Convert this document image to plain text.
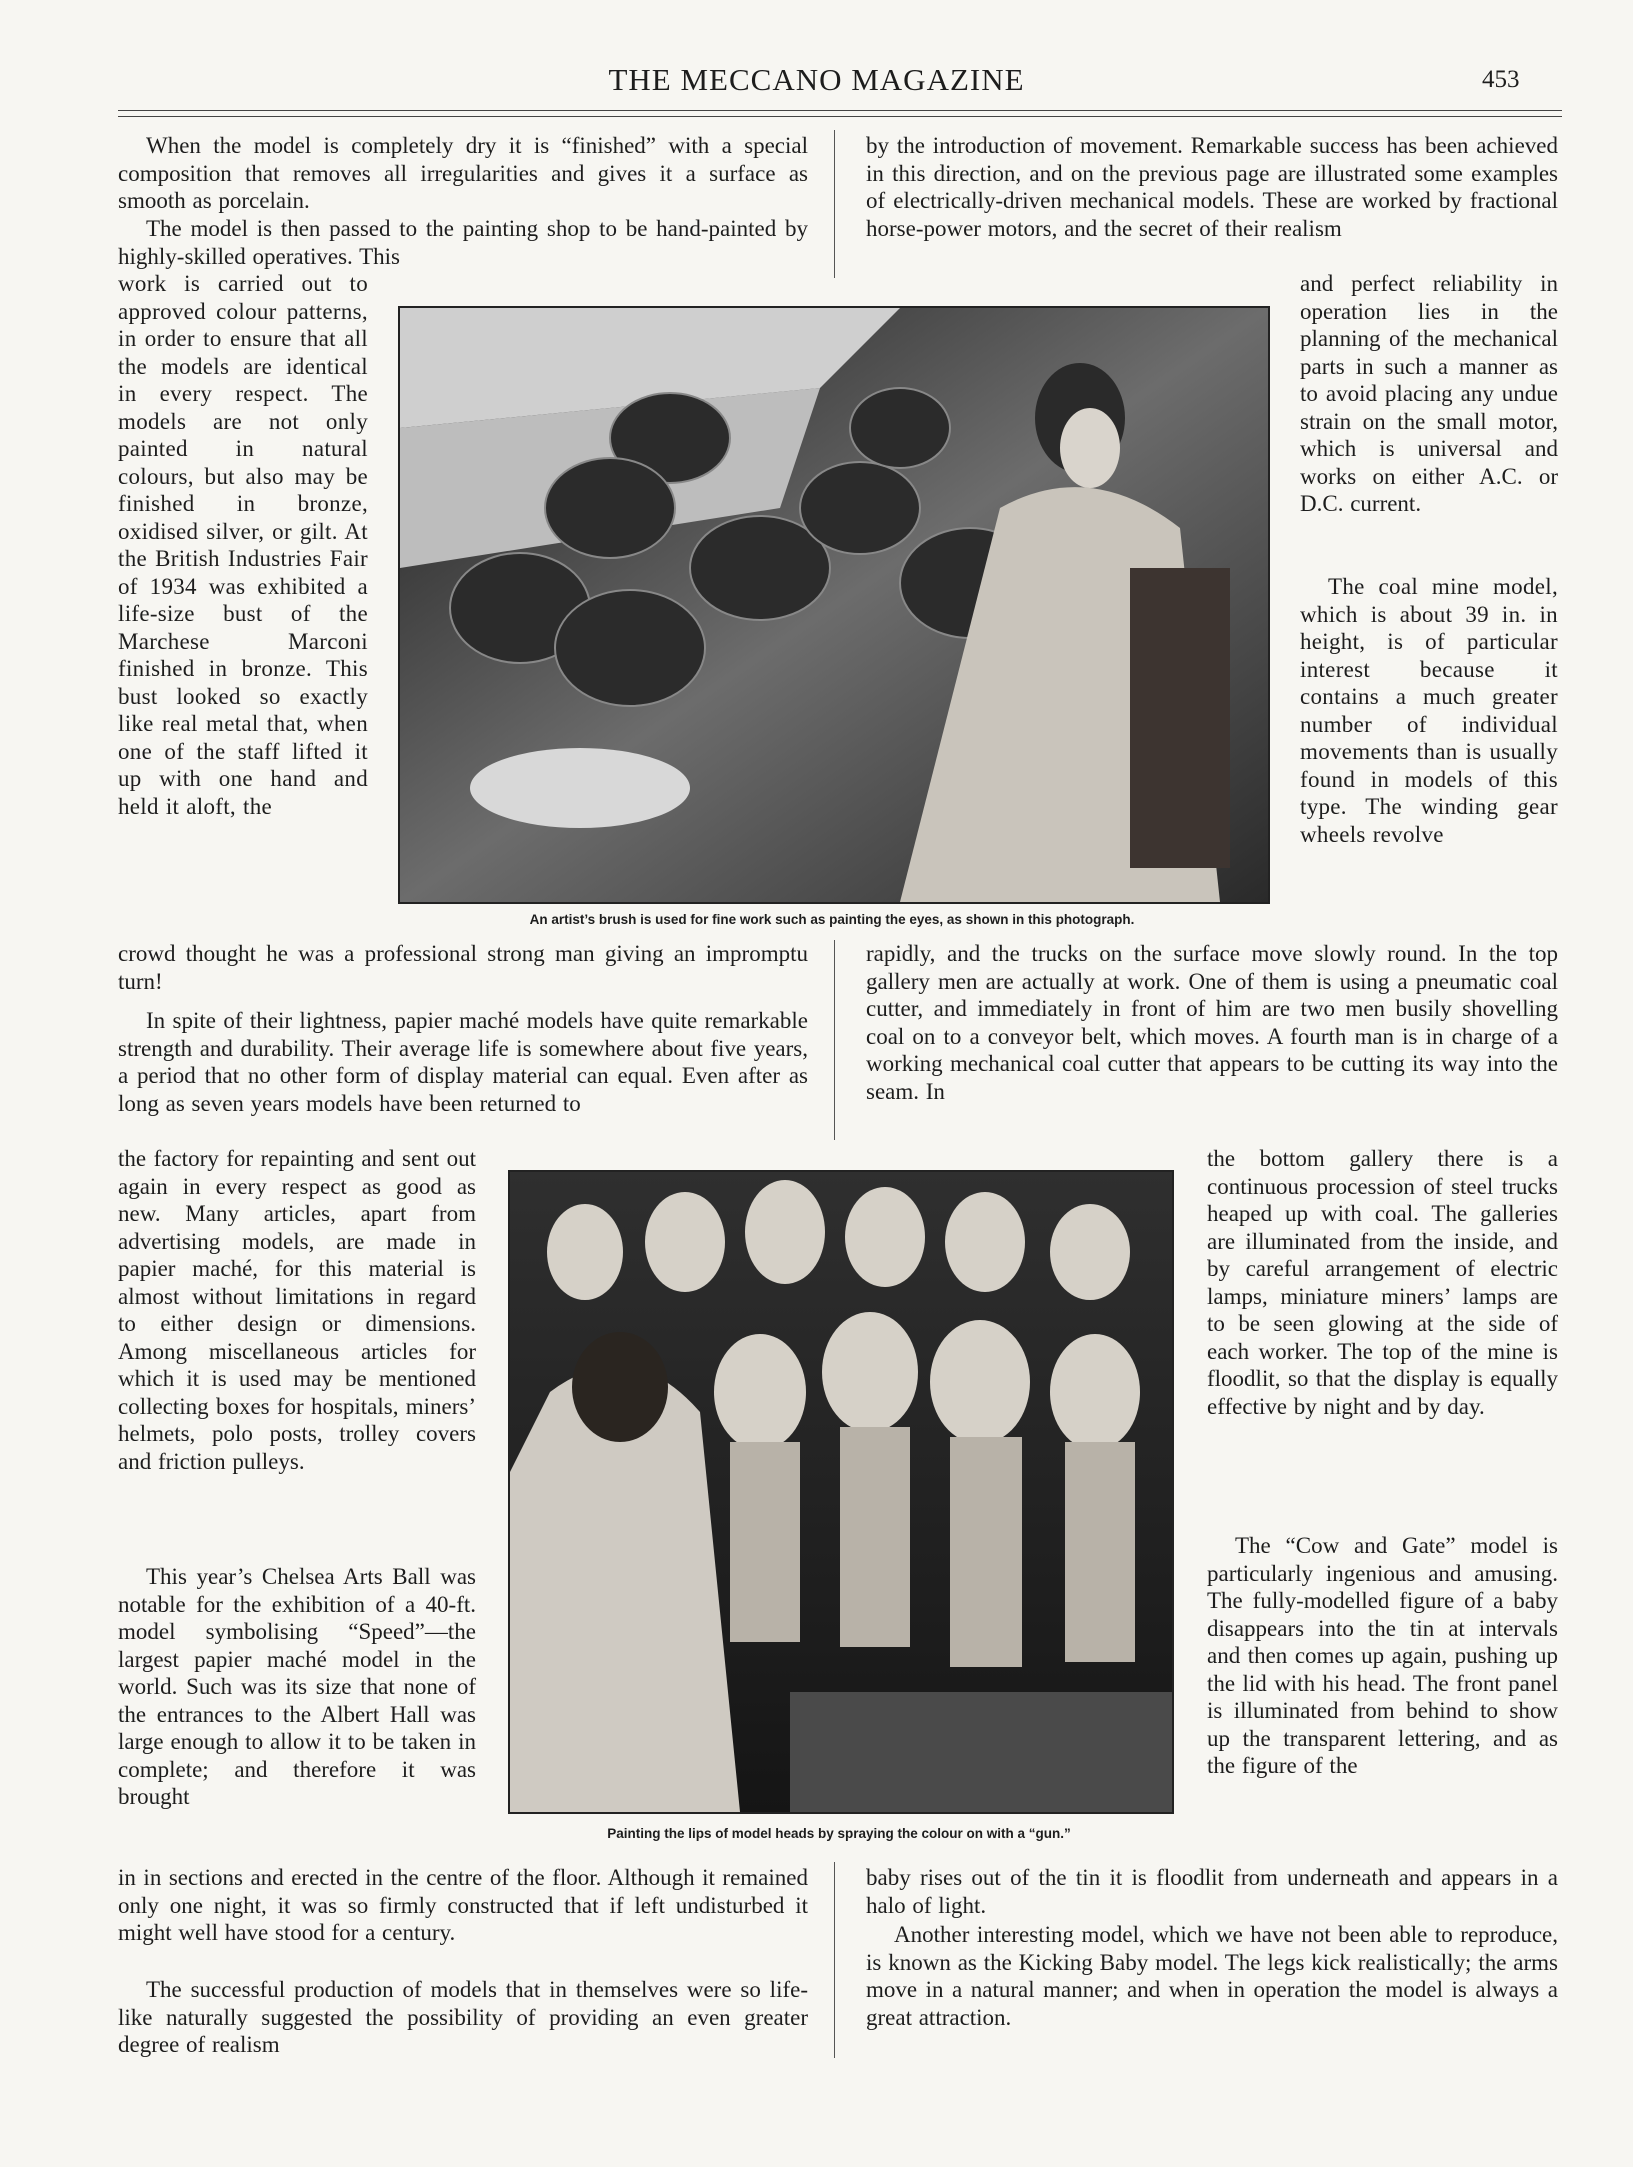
THE MECCANO MAGAZINE	453

When the model is completely dry it is “finished” with a special composition that removes all irregularities and gives it a surface as smooth as porcelain.

The model is then passed to the painting shop to be hand-painted by highly-skilled operatives. This

work is carried out to approved colour patterns, in order to ensure that all the models are identical in every respect. The models are not only painted in natural colours, but also may be finished in bronze, oxidised silver, or gilt. At the British Industries Fair of 1934 was exhibited a life-size bust of the Marchese Marconi finished in bronze. This bust looked so exactly like real metal that, when one of the staff lifted it up with one hand and held it aloft, the

An artist’s brush is used for fine work such as painting the eyes, as shown in this photograph.

and perfect reliability in operation lies in the planning of the mechanical parts in such a manner as to avoid placing any undue strain on the small motor, which is universal and works on either A.C. or D.C. current.

The coal mine model, which is about 39 in. in height, is of particular interest because it contains a much greater number of individual movements than is usually found in models of this type. The winding gear wheels revolve

by the introduction of movement. Remarkable success has been achieved in this direction, and on the previous page are illustrated some examples of electrically-driven mechanical models. These are worked by fractional horse-power motors, and the secret of their realism

crowd thought he was a professional strong man giving an impromptu turn!

In spite of their lightness, papier maché models have quite remarkable strength and durability. Their average life is somewhere about five years, a period that no other form of display material can equal. Even after as long as seven years models have been returned to

rapidly, and the trucks on the surface move slowly round. In the top gallery men are actually at work. One of them is using a pneumatic coal cutter, and immediately in front of him are two men busily shovelling coal on to a conveyor belt, which moves. A fourth man is in charge of a working mechanical coal cutter that appears to be cutting its way into the seam. In

the factory for repainting and sent out again in every respect as good as new. Many articles, apart from advertising models, are made in papier maché, for this material is almost without limitations in regard to either design or dimensions. Among miscellaneous articles for which it is used may be mentioned collecting boxes for hospitals, miners’ helmets, polo posts, trolley covers and friction pulleys.

This year’s Chelsea Arts Ball was notable for the exhibition of a 40-ft. model symbolising “Speed”—the largest papier maché model in the world. Such was its size that none of the entrances to the Albert Hall was large enough to allow it to be taken in complete; and therefore it was brought

Painting the lips of model heads by spraying the colour on with a “gun.”

the bottom gallery there is a continuous procession of steel trucks heaped up with coal. The galleries are illuminated from the inside, and by careful arrangement of electric lamps, miniature miners’ lamps are to be seen glowing at the side of each worker. The top of the mine is floodlit, so that the display is equally effective by night and by day.

The “Cow and Gate” model is particularly ingenious and amusing. The fully-modelled figure of a baby disappears into the tin at intervals and then comes up again, pushing up the lid with his head. The front panel is illuminated from behind to show up the transparent lettering, and as the figure of the

in in sections and erected in the centre of the floor. Although it remained only one night, it was so firmly constructed that if left undisturbed it might well have stood for a century.

The successful production of models that in themselves were so life-like naturally suggested the possibility of providing an even greater degree of realism

baby rises out of the tin it is floodlit from underneath and appears in a halo of light.

Another interesting model, which we have not been able to reproduce, is known as the Kicking Baby model. The legs kick realistically; the arms move in a natural manner; and when in operation the model is always a great attraction.
